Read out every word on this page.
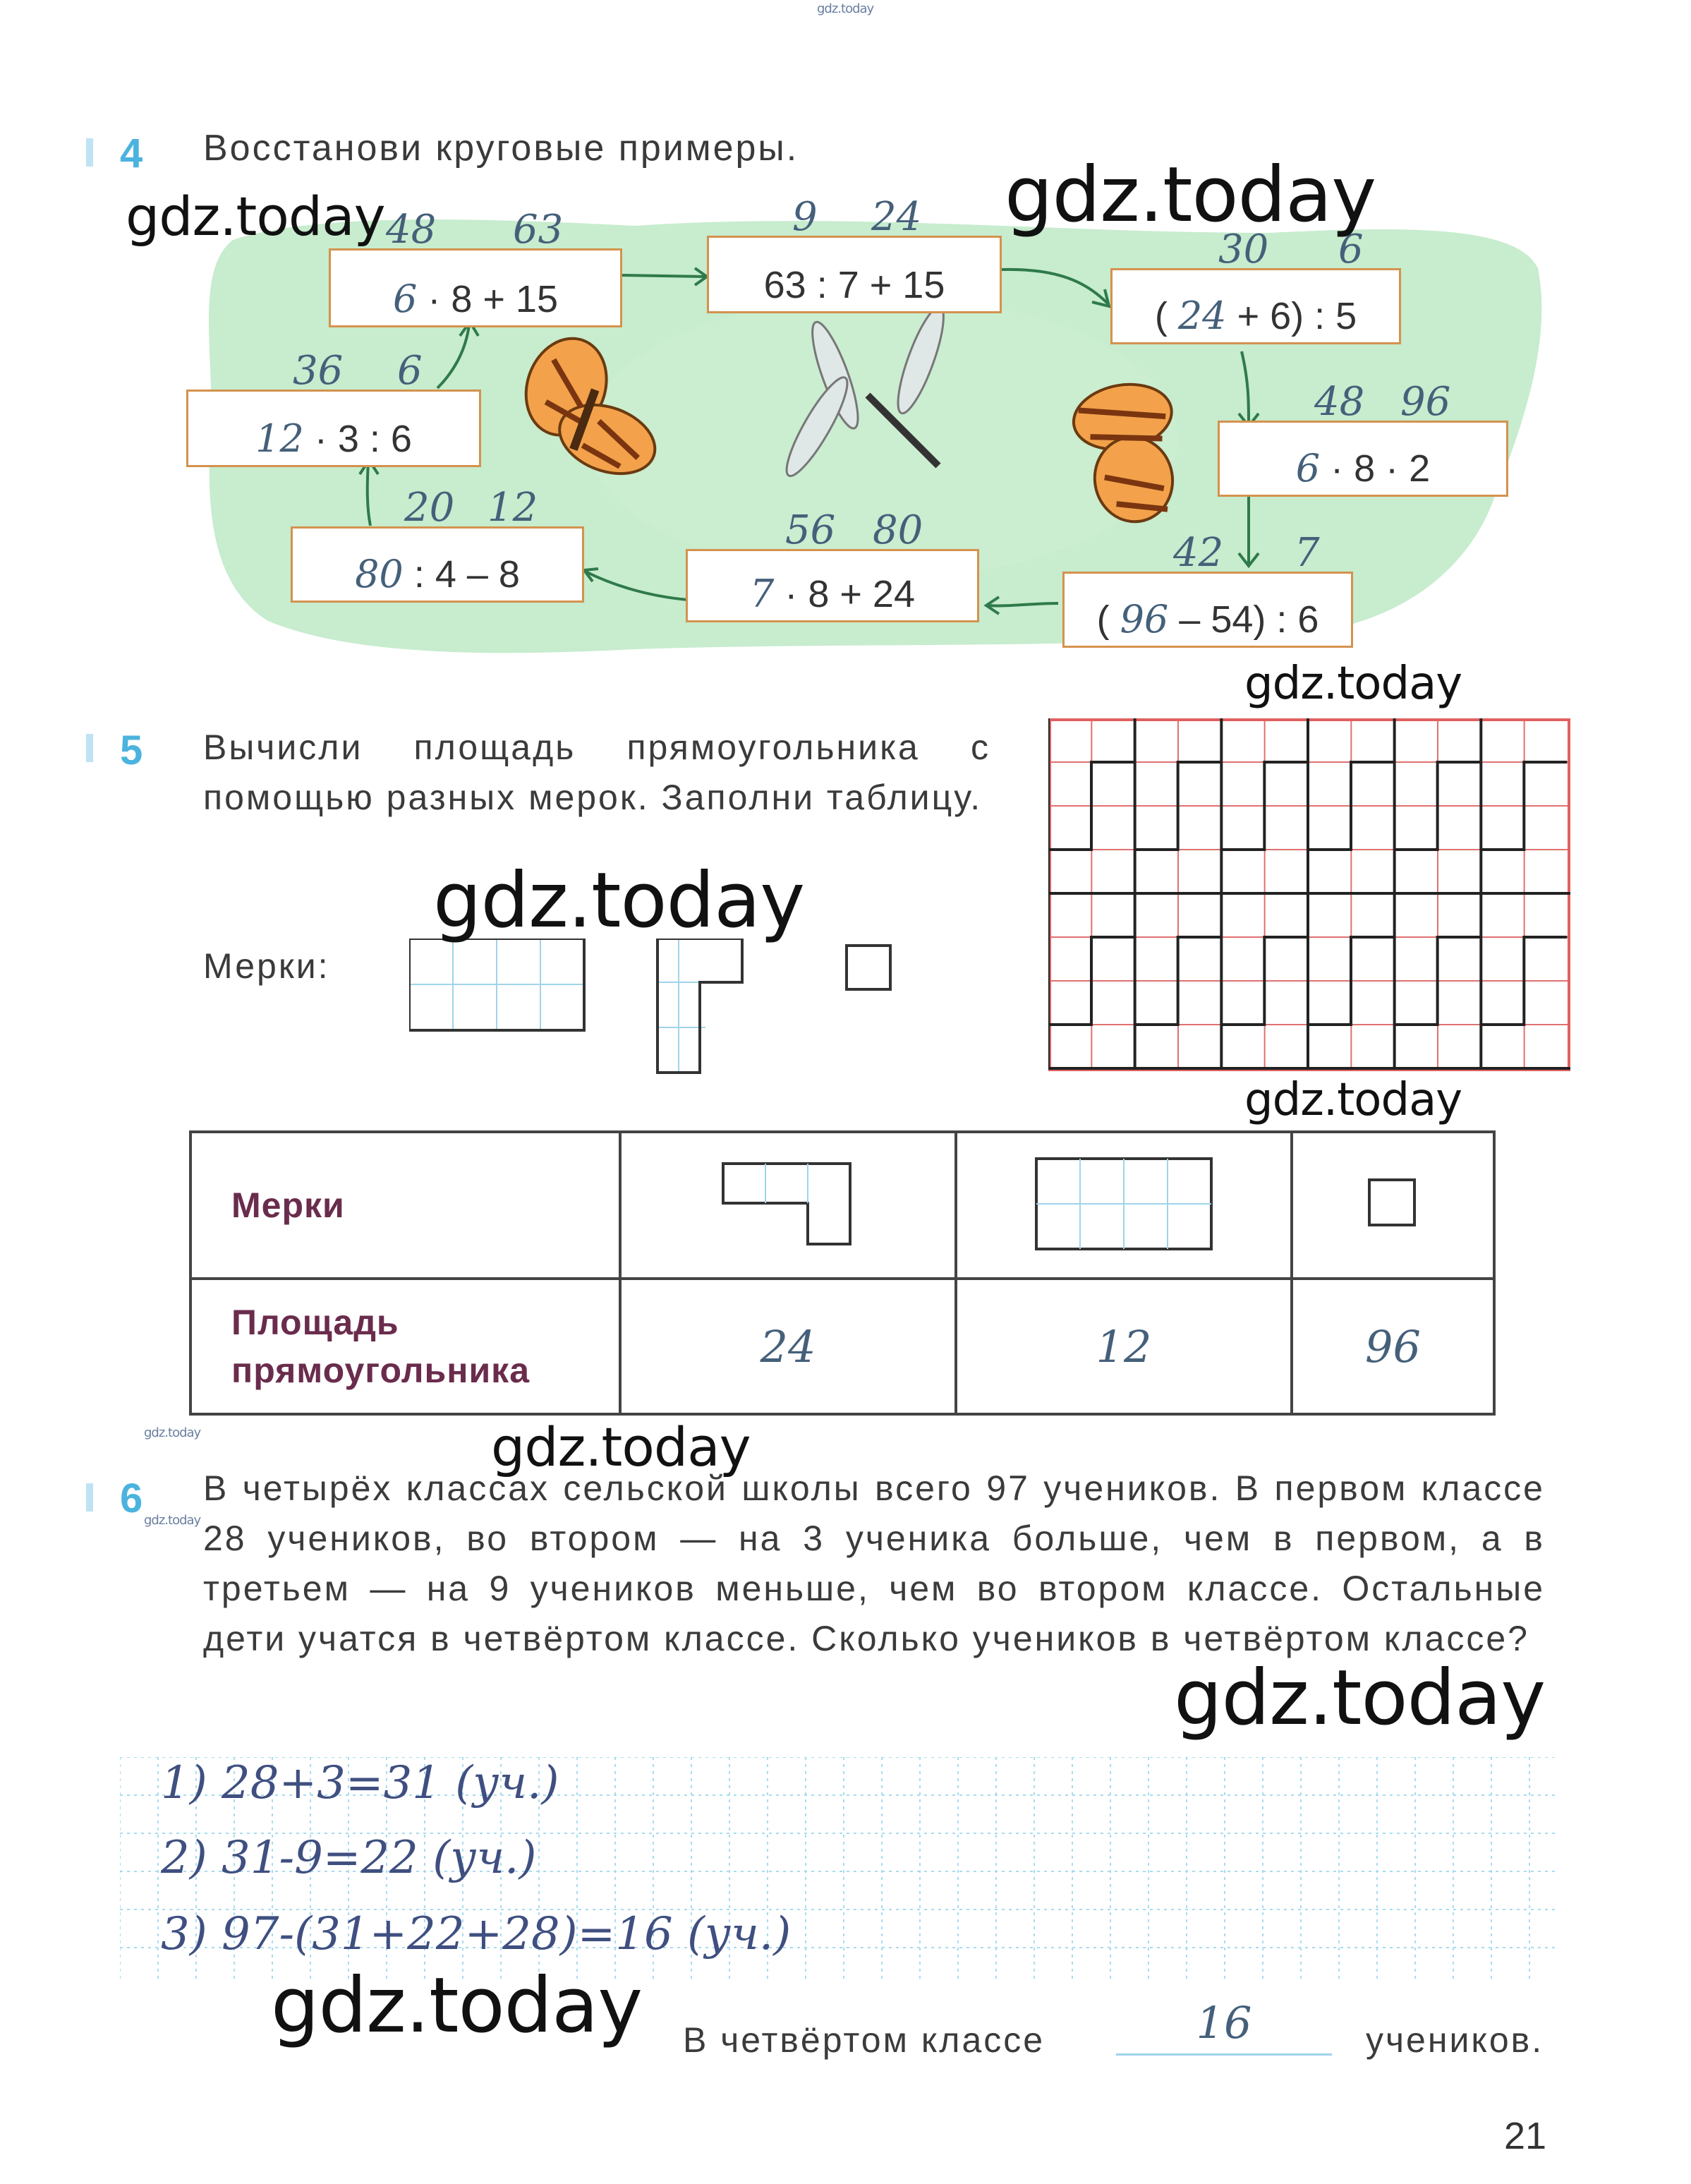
gdz.today
4 Восстанови круговые примеры.
48 63
6 · 8 + 15
9 24
63 : 7 + 15
30 6
( 24 + 6) : 5
48 96
6 · 8 · 2
42 7
( 96 – 54) : 6
56 80
7 · 8 + 24
20 12
80 : 4 – 8
36 6
12 · 3 : 6
gdz.today	gdz.today
5 Вычисли площадь прямоугольника с помощью разных мерок. Заполни таблицу.
Мерки:
gdz.today
gdz.today
gdz.today
Мерки			

Площадь
прямоугольника	24	12	96
gdz.today	gdz.today
6 gdz.today
В четырёх классах сельской школы всего 97 учеников. В первом классе 28 учеников, во втором — на 3 ученика больше, чем в первом, а в третьем — на 9 учеников меньше, чем во втором классе. Остальные дети учатся в четвёртом классе. Сколько учеников в четвёртом классе?
gdz.today
1) 28+3=31 (уч.)
2) 31-9=22 (уч.)
3) 97-(31+22+28)=16 (уч.)
gdz.today В четвёртом классе	16	учеников.
21
